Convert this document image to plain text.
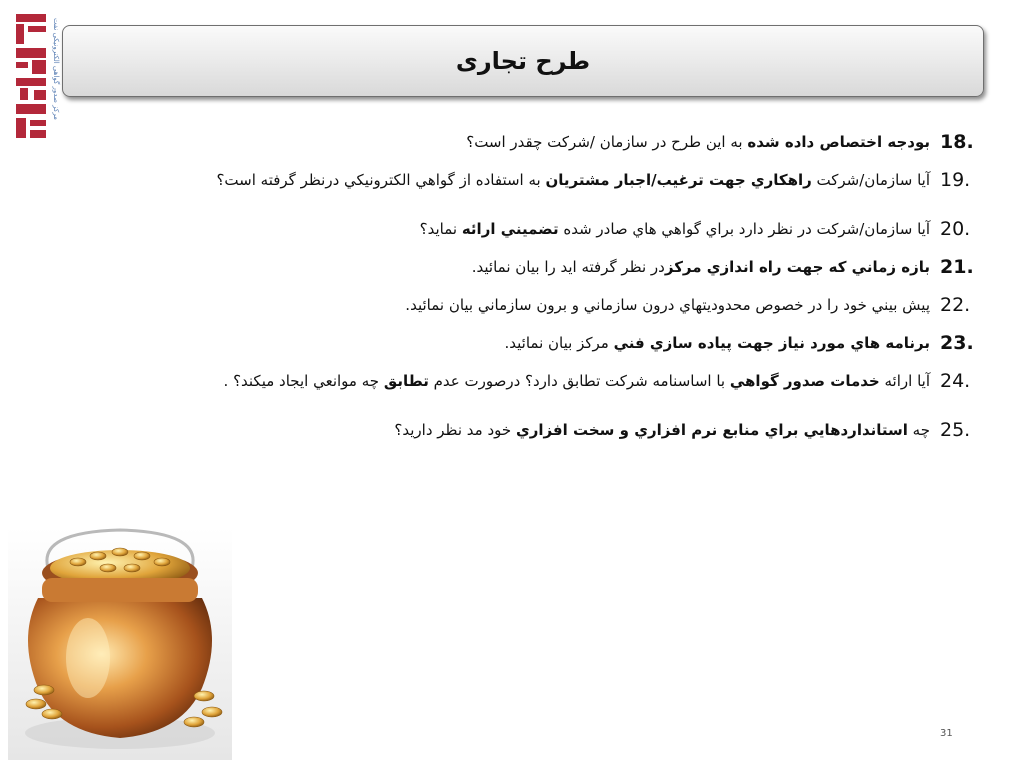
مرکز صدور گواهی الکترونیکی نفت	طرح تجاری
18.
بودجه اختصاص داده شده به اين طرح در سازمان /شرکت چقدر است؟
19.
آيا سازمان/شرکت راهکاري جهت ترغيب/اجبار مشتريان به استفاده از گواهي الکترونيکي درنظر گرفته است؟
20.
آيا سازمان/شرکت در نظر دارد براي گواهي هاي صادر شده تضميني ارائه نمايد؟
21.
بازه زماني که جهت راه اندازي مرکزدر نظر گرفته ايد را بيان نمائيد.
22.
پيش بيني خود را در خصوص محدوديتهاي درون سازماني و برون سازماني بيان نمائيد.
23.
برنامه هاي مورد نياز جهت پياده سازي فني مرکز بيان نمائيد.
24.
آيا ارائه خدمات صدور گواهي با اساسنامه شرکت تطابق دارد؟ درصورت عدم تطابق چه موانعي ايجاد ميکند؟ .
25.
چه استانداردهايي براي منابع نرم افزاري و سخت افزاري خود مد نظر داريد؟
31
